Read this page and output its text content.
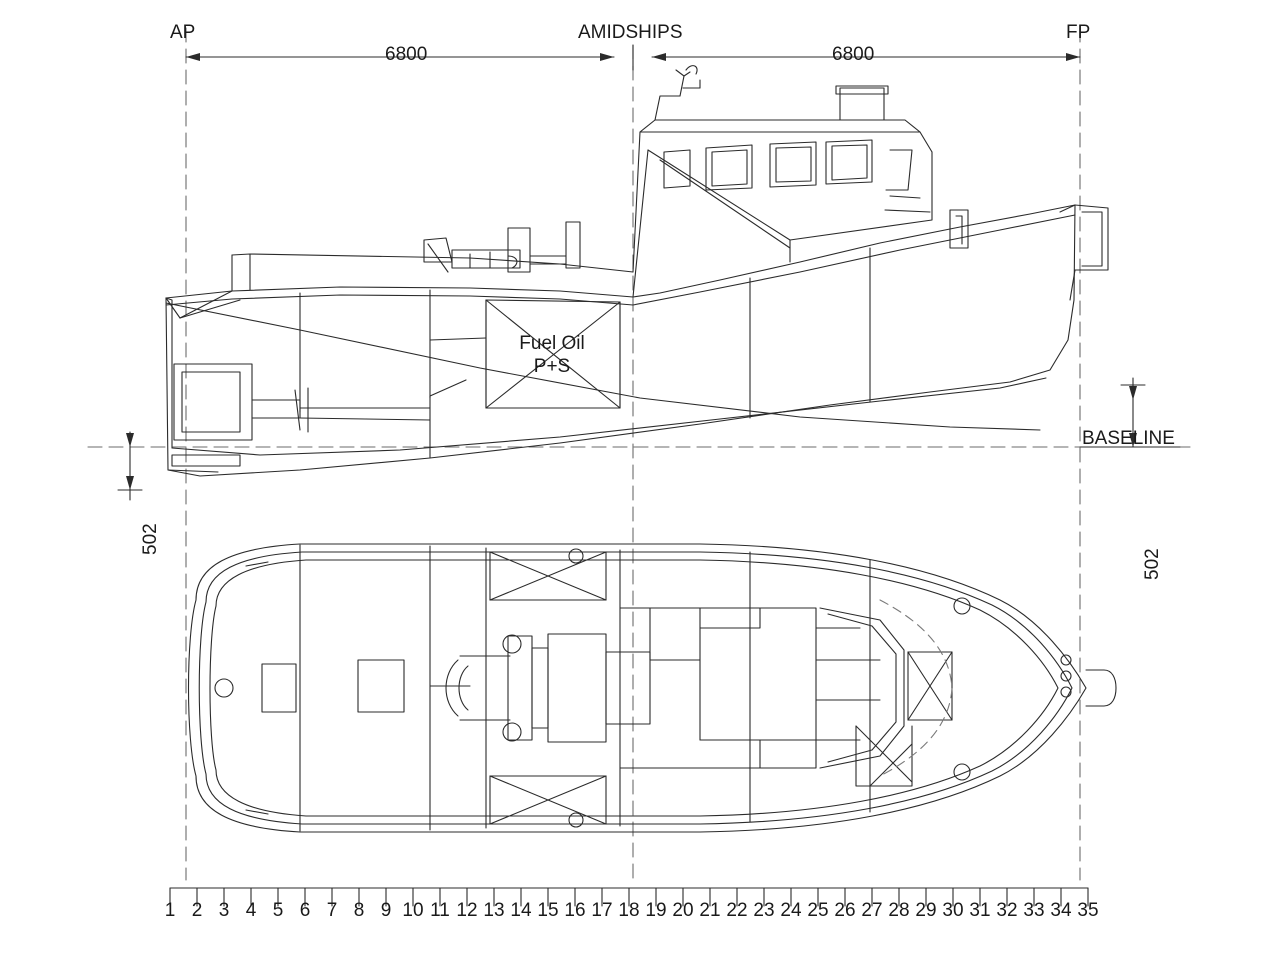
AP	FP
AMIDSHIPS
6800	6800
BASELINE
502
502
Fuel Oil
P+S
1 2 3 4 5 6 7 8 9 10 11 12 13 14 15 16 17 18 19 20 21 22 23 24 25 26 27 28 29 30 31 32 33 34 35
